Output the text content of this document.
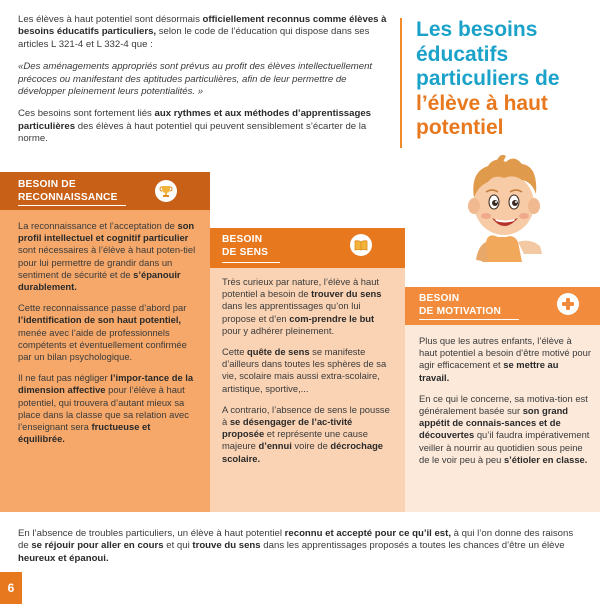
Les élèves à haut potentiel sont désormais officiellement reconnus comme élèves à besoins éducatifs particuliers, selon le code de l’éducation qui dispose dans ses articles L 321-4 et L 332-4 que :

«Des aménagements appropriés sont prévus au profit des élèves intellectuellement précoces ou manifestant des aptitudes particulières, afin de leur permettre de développer pleinement leurs potentialités. »

Ces besoins sont fortement liés aux rythmes et aux méthodes d’apprentissages particulières des élèves à haut potentiel qui peuvent sensiblement s’écarter de la norme.

Les besoins
éducatifs
particuliers de
l’élève à haut
potentiel
BESOIN DE
RECONNAISSANCE

La reconnaissance et l’acceptation de son profil intellectuel et cognitif particulier sont nécessaires à l’élève à haut poten-tiel pour lui permettre de grandir dans un sentiment de sécurité et de s’épanouir durablement.

Cette reconnaissance passe d’abord par l’identification de son haut potentiel, menée avec l’aide de professionnels compétents et éventuellement confirmée par un bilan psychologique.

Il ne faut pas négliger l’impor-tance de la dimension affective pour l’élève à haut potentiel, qui trouvera d’autant mieux sa place dans la classe que sa relation avec l’enseignant sera fructueuse et équilibrée.

BESOIN
DE SENS

Très curieux par nature, l’élève à haut potentiel a besoin de trouver du sens dans les apprentissages qu’on lui propose et d’en com-prendre le but pour y adhérer pleinement.

Cette quête de sens se manifeste d’ailleurs dans toutes les sphères de sa vie, scolaire mais aussi extra-scolaire, artistique, sportive,...

A contrario, l’absence de sens le pousse à se désengager de l’ac-tivité proposée et représente une cause majeure d’ennui voire de décrochage scolaire.

BESOIN
DE MOTIVATION

Plus que les autres enfants, l’élève à haut potentiel a besoin d’être motivé pour agir efficacement et se mettre au travail.

En ce qui le concerne, sa motiva-tion est généralement basée sur son grand appétit de connais-sances et de découvertes qu’il faudra impérativement veiller à nourrir au quotidien sous peine de le voir peu à peu s’étioler en classe.

En l’absence de troubles particuliers, un élève à haut potentiel reconnu et accepté pour ce qu’il est, à qui l’on donne des raisons de se réjouir pour aller en cours et qui trouve du sens dans les apprentissages proposés a toutes les chances d’être un élève heureux et épanoui.
6
